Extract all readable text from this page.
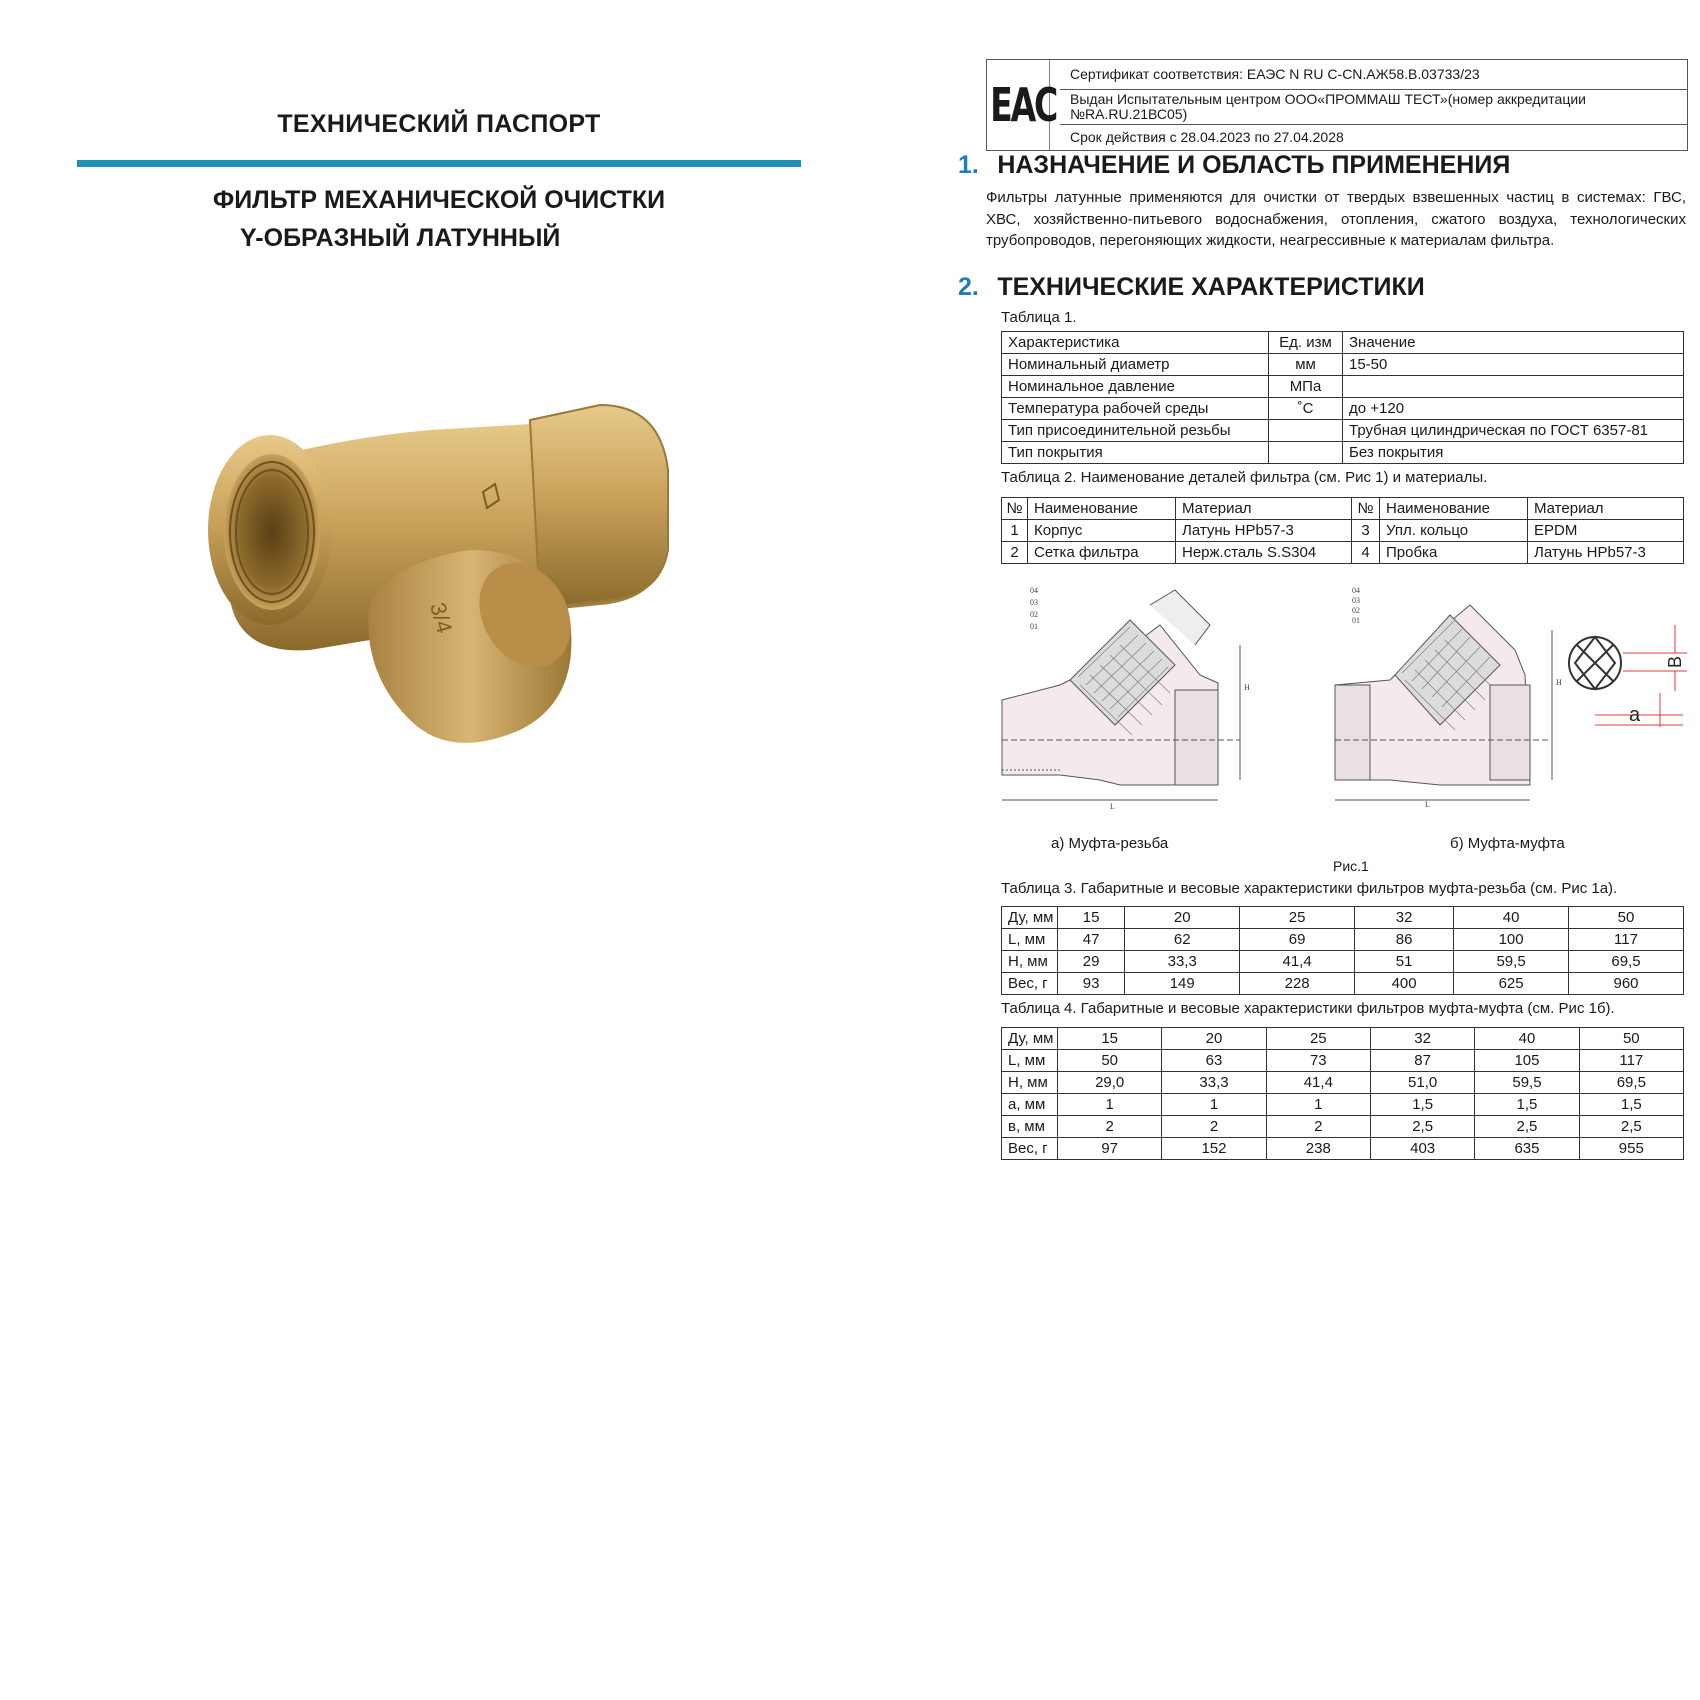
ТЕХНИЧЕСКИЙ ПАСПОРТ
ФИЛЬТР МЕХАНИЧЕСКОЙ ОЧИСТКИ
Y-ОБРАЗНЫЙ ЛАТУННЫЙ
3/4
EAC
Сертификат соответствия: ЕАЭС N RU C-CN.АЖ58.В.03733/23
Выдан Испытательным центром ООО«ПРОММАШ ТЕСТ»(номер аккредитации №RA.RU.21ВС05)
Срок действия с 28.04.2023 по 27.04.2028
1. НАЗНАЧЕНИЕ И ОБЛАСТЬ ПРИМЕНЕНИЯ
Фильтры латунные применяются для очистки от твердых взвешенных частиц в системах: ГВС, ХВС, хозяйственно-питьевого водоснабжения, отопления, сжатого воздуха, технологических трубопроводов, перегоняющих жидкости, неагрессивные к материалам фильтра.
2. ТЕХНИЧЕСКИЕ ХАРАКТЕРИСТИКИ
Таблица 1.
Характеристика	Ед. изм	Значение
Номинальный диаметр	мм	15-50
Номинальное давление	МПа	
Температура рабочей среды	˚С	до +120
Тип присоединительной резьбы		Трубная цилиндрическая по ГОСТ 6357-81
Тип покрытия		Без покрытия
Таблица 2. Наименование деталей фильтра (см. Рис 1) и материалы.
№	Наименование	Материал	№	Наименование	Материал
1	Корпус	Латунь HPb57-3	3	Упл. кольцо	EPDM
2	Сетка фильтра	Нерж.сталь S.S304	4	Пробка	Латунь HPb57-3
04
03
02
01
H
L
04
03
02
01
H
L
B
a
а) Муфта-резьба	б) Муфта-муфта
Рис.1
Таблица 3. Габаритные и весовые характеристики фильтров муфта-резьба (см. Рис 1а).
Ду, мм	15	20	25	32	40	50
L, мм	47	62	69	86	100	117
H, мм	29	33,3	41,4	51	59,5	69,5
Вес, г	93	149	228	400	625	960
Таблица 4. Габаритные и весовые характеристики фильтров муфта-муфта (см. Рис 1б).
Ду, мм	15	20	25	32	40	50
L, мм	50	63	73	87	105	117
H, мм	29,0	33,3	41,4	51,0	59,5	69,5
а, мм	1	1	1	1,5	1,5	1,5
в, мм	2	2	2	2,5	2,5	2,5
Вес, г	97	152	238	403	635	955
